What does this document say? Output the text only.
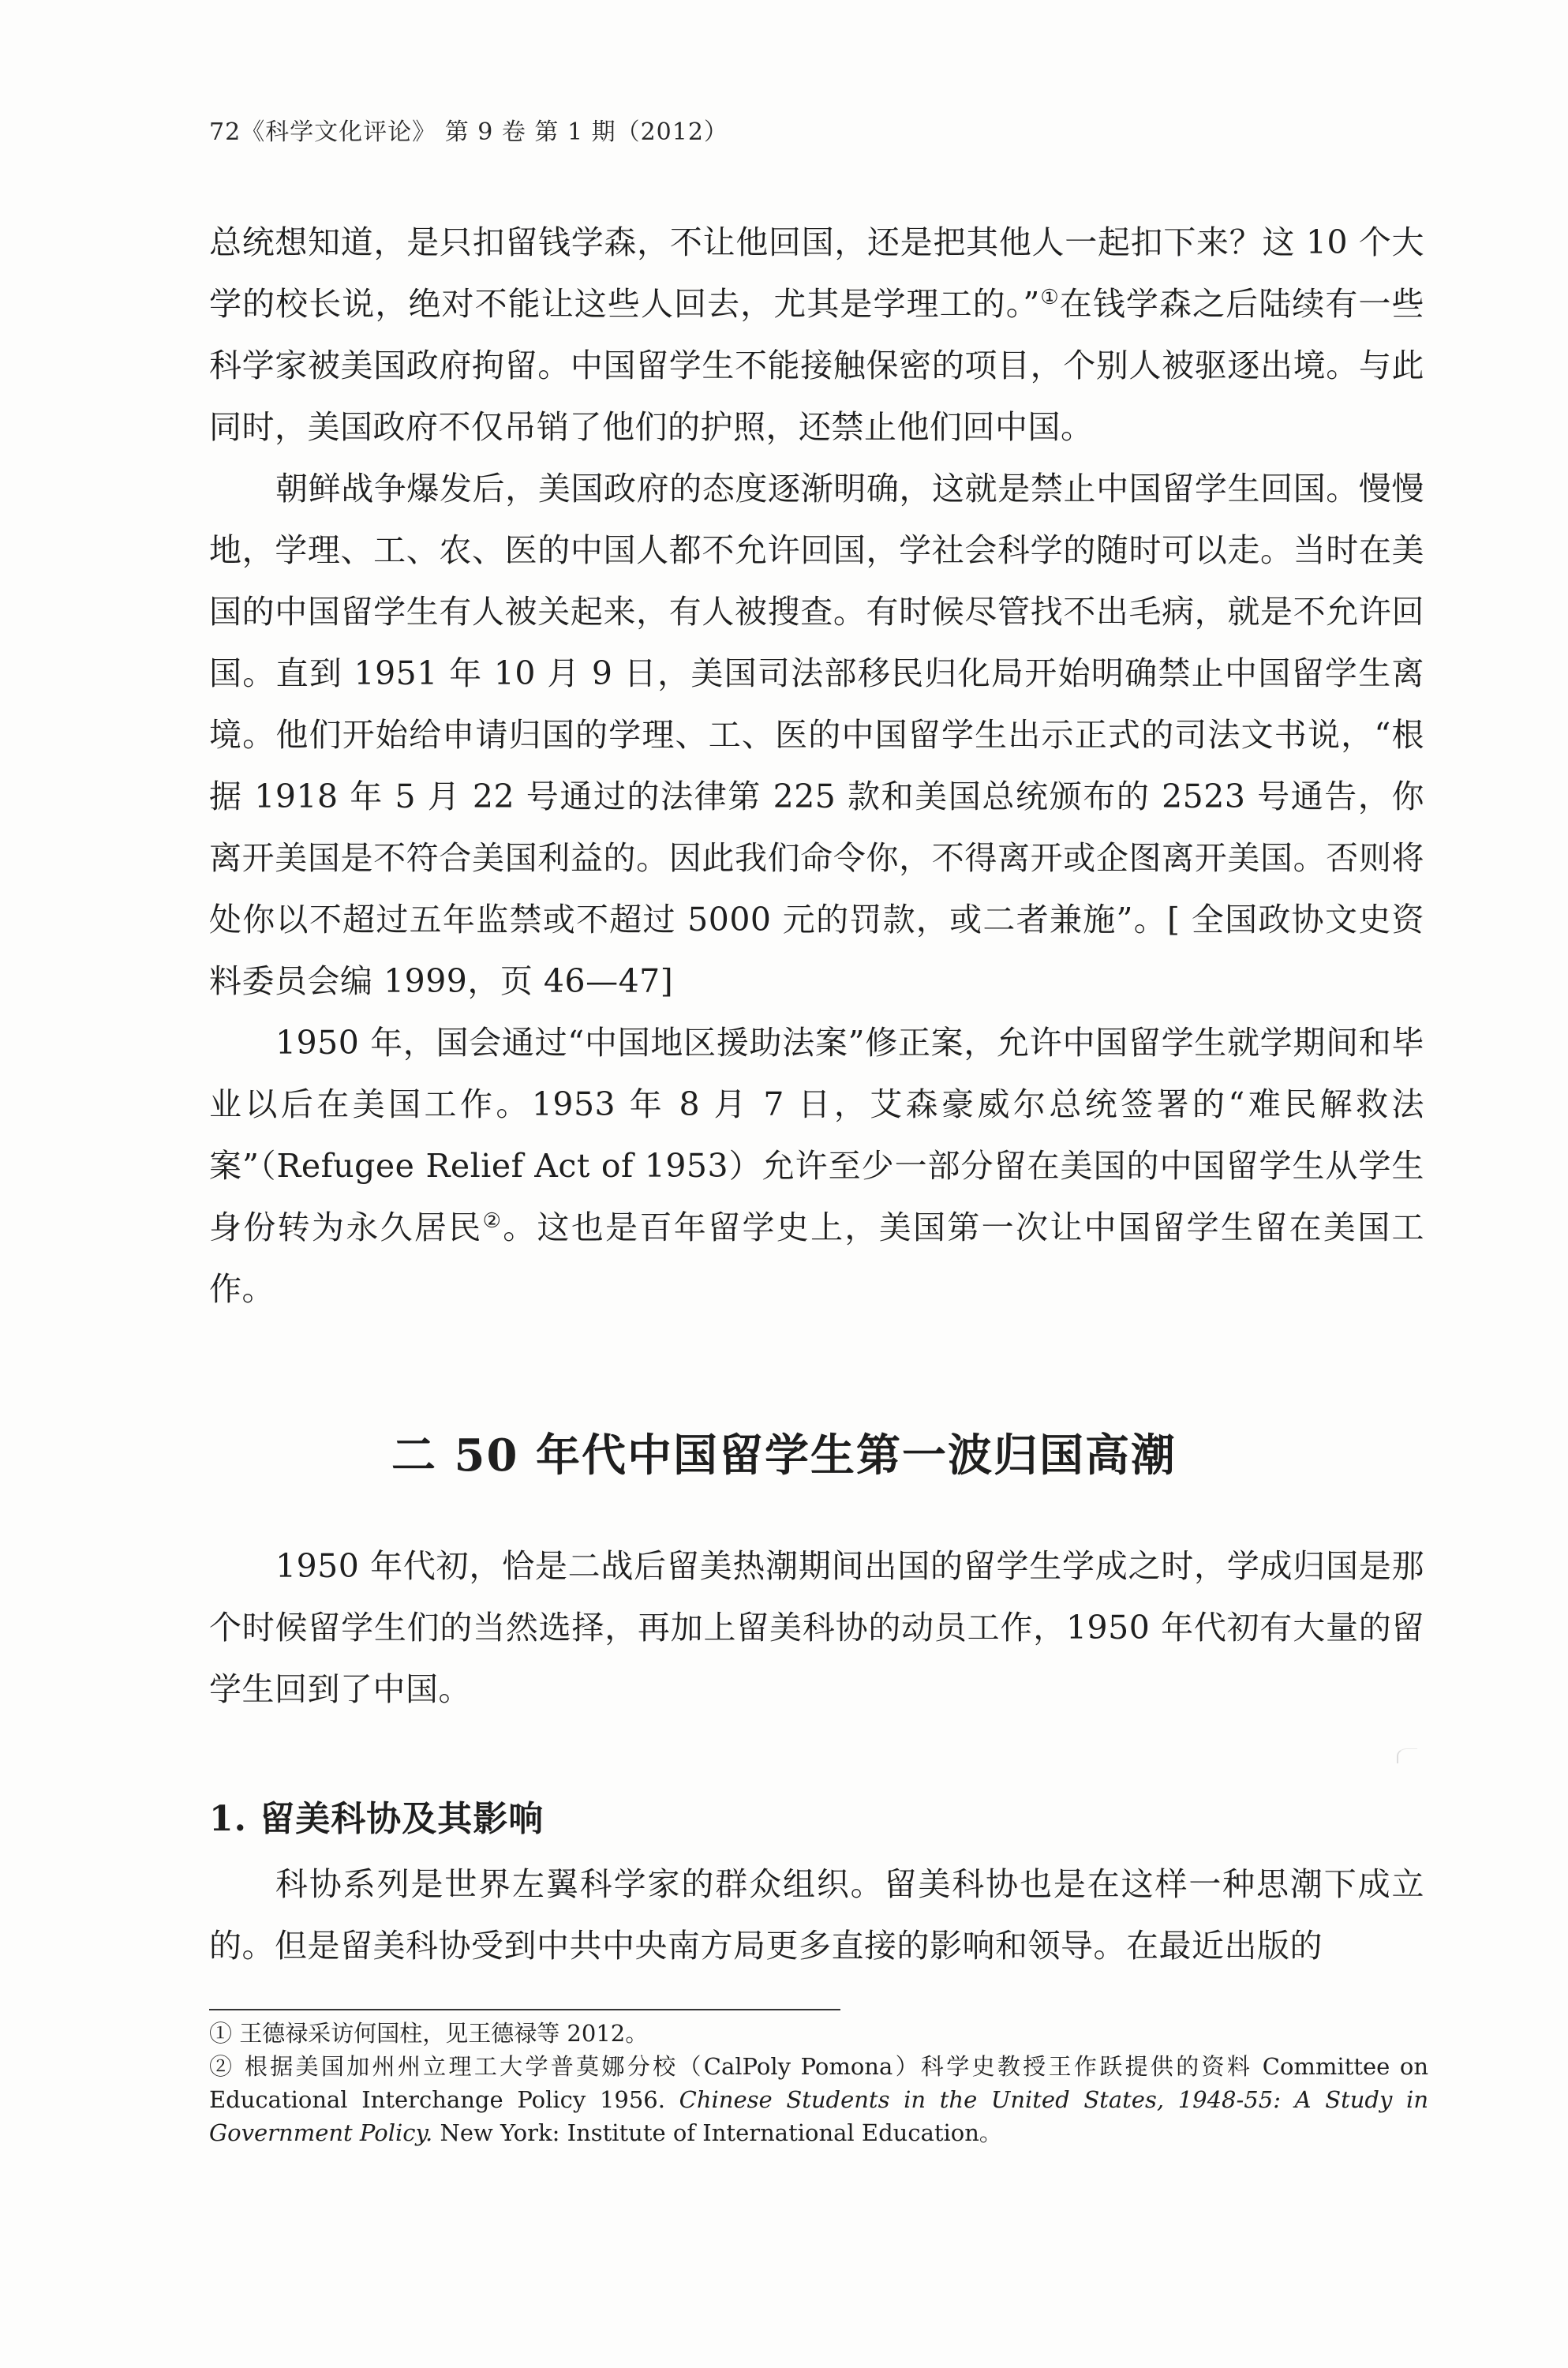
72《科学文化评论》 第 9 卷 第 1 期（2012）

总统想知道，是只扣留钱学森，不让他回国，还是把其他人一起扣下来？这 10 个大学的校长说，绝对不能让这些人回去，尤其是学理工的。”①在钱学森之后陆续有一些科学家被美国政府拘留。中国留学生不能接触保密的项目，个别人被驱逐出境。与此同时，美国政府不仅吊销了他们的护照，还禁止他们回中国。

朝鲜战争爆发后，美国政府的态度逐渐明确，这就是禁止中国留学生回国。慢慢地，学理、工、农、医的中国人都不允许回国，学社会科学的随时可以走。当时在美国的中国留学生有人被关起来，有人被搜查。有时候尽管找不出毛病，就是不允许回国。直到 1951 年 10 月 9 日，美国司法部移民归化局开始明确禁止中国留学生离境。他们开始给申请归国的学理、工、医的中国留学生出示正式的司法文书说，“根据 1918 年 5 月 22 号通过的法律第 225 款和美国总统颁布的 2523 号通告，你离开美国是不符合美国利益的。因此我们命令你，不得离开或企图离开美国。否则将处你以不超过五年监禁或不超过 5000 元的罚款，或二者兼施”。[ 全国政协文史资料委员会编 1999，页 46—47]

1950 年，国会通过“中国地区援助法案”修正案，允许中国留学生就学期间和毕业以后在美国工作。1953 年 8 月 7 日，艾森豪威尔总统签署的“难民解救法案”（Refugee Relief Act of 1953）允许至少一部分留在美国的中国留学生从学生身份转为永久居民②。这也是百年留学史上，美国第一次让中国留学生留在美国工作。

二 50 年代中国留学生第一波归国高潮

1950 年代初，恰是二战后留美热潮期间出国的留学生学成之时，学成归国是那个时候留学生们的当然选择，再加上留美科协的动员工作，1950 年代初有大量的留学生回到了中国。

1. 留美科协及其影响

科协系列是世界左翼科学家的群众组织。留美科协也是在这样一种思潮下成立的。但是留美科协受到中共中央南方局更多直接的影响和领导。在最近出版的

① 王德禄采访何国柱，见王德禄等 2012。

② 根据美国加州州立理工大学普莫娜分校（CalPoly Pomona）科学史教授王作跃提供的资料 Committee on Educational Interchange Policy 1956. Chinese Students in the United States, 1948-55: A Study in Government Policy. New York: Institute of International Education。
